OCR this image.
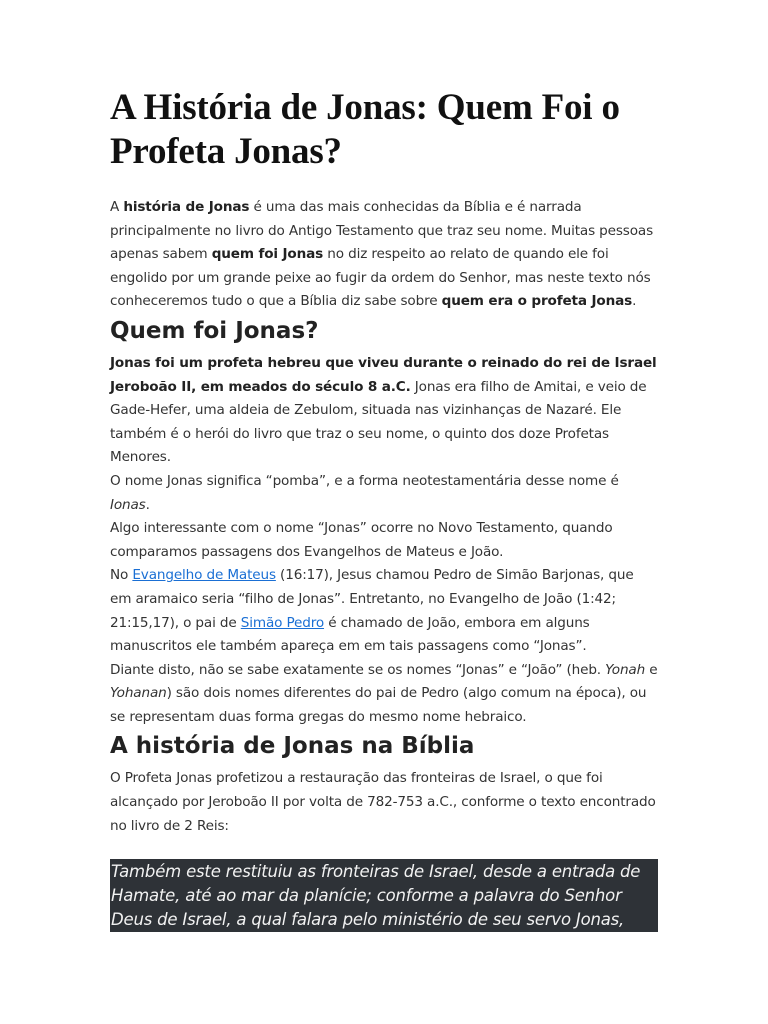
A História de Jonas: Quem Foi o Profeta Jonas?

A história de Jonas é uma das mais conhecidas da Bíblia e é narrada principalmente no livro do Antigo Testamento que traz seu nome. Muitas pessoas apenas sabem quem foi Jonas no diz respeito ao relato de quando ele foi engolido por um grande peixe ao fugir da ordem do Senhor, mas neste texto nós conheceremos tudo o que a Bíblia diz sabe sobre quem era o profeta Jonas.

Quem foi Jonas?

Jonas foi um profeta hebreu que viveu durante o reinado do rei de Israel Jeroboão II, em meados do século 8 a.C. Jonas era filho de Amitai, e veio de Gade-Hefer, uma aldeia de Zebulom, situada nas vizinhanças de Nazaré. Ele também é o herói do livro que traz o seu nome, o quinto dos doze Profetas Menores.

O nome Jonas significa “pomba”, e a forma neotestamentária desse nome é Ionas.

Algo interessante com o nome “Jonas” ocorre no Novo Testamento, quando comparamos passagens dos Evangelhos de Mateus e João.

No Evangelho de Mateus (16:17), Jesus chamou Pedro de Simão Barjonas, que em aramaico seria “filho de Jonas”. Entretanto, no Evangelho de João (1:42; 21:15,17), o pai de Simão Pedro é chamado de João, embora em alguns manuscritos ele também apareça em em tais passagens como “Jonas”.

Diante disto, não se sabe exatamente se os nomes “Jonas” e “João” (heb. Yonah e Yohanan) são dois nomes diferentes do pai de Pedro (algo comum na época), ou se representam duas forma gregas do mesmo nome hebraico.

A história de Jonas na Bíblia

O Profeta Jonas profetizou a restauração das fronteiras de Israel, o que foi alcançado por Jeroboão II por volta de 782-753 a.C., conforme o texto encontrado no livro de 2 Reis:

Também este restituiu as fronteiras de Israel, desde a entrada de Hamate, até ao mar da planície; conforme a palavra do Senhor Deus de Israel, a qual falara pelo ministério de seu servo Jonas,
